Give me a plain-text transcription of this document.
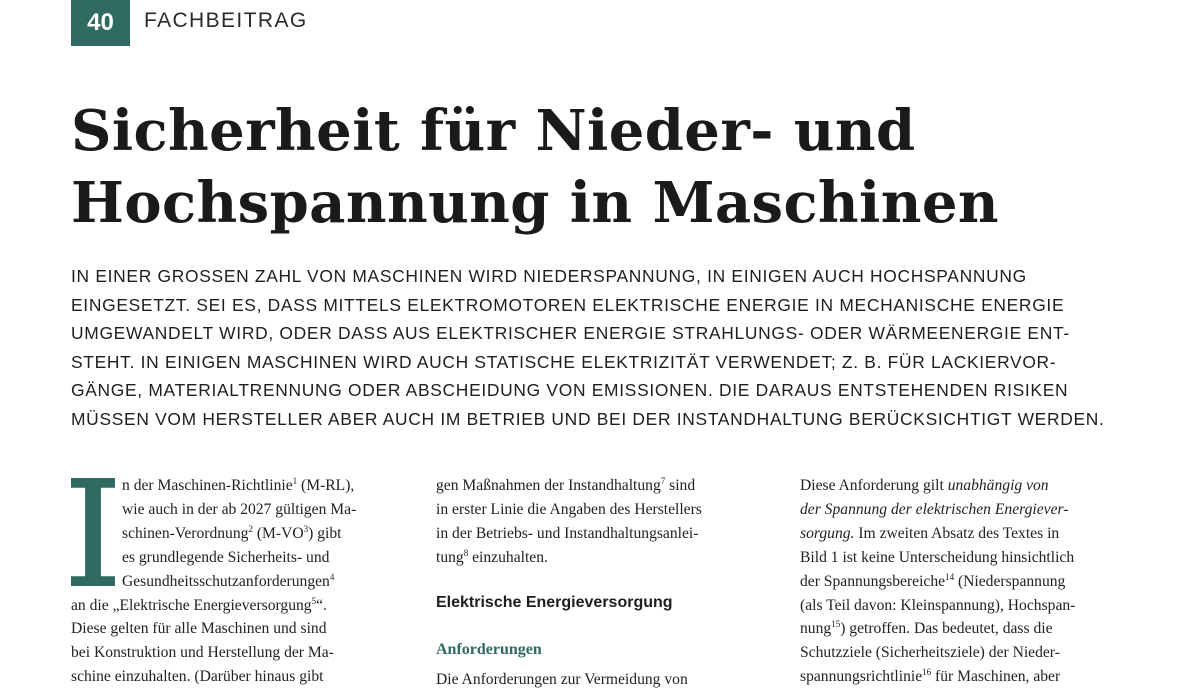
40	FACHBEITRAG
Sicherheit für Nieder- und
Hochspannung in Maschinen

IN EINER GROSSEN ZAHL VON MASCHINEN WIRD NIEDERSPANNUNG, IN EINIGEN AUCH HOCHSPANNUNG
EINGESETZT. SEI ES, DASS MITTELS ELEKTROMOTOREN ELEKTRISCHE ENERGIE IN MECHANISCHE ENERGIE
UMGEWANDELT WIRD, ODER DASS AUS ELEKTRISCHER ENERGIE STRAHLUNGS- ODER WÄRMEENERGIE ENT-
STEHT. IN EINIGEN MASCHINEN WIRD AUCH STATISCHE ELEKTRIZITÄT VERWENDET; Z. B. FÜR LACKIERVOR-
GÄNGE, MATERIALTRENNUNG ODER ABSCHEIDUNG VON EMISSIONEN. DIE DARAUS ENTSTEHENDEN RISIKEN
MÜSSEN VOM HERSTELLER ABER AUCH IM BETRIEB UND BEI DER INSTANDHALTUNG BERÜCKSICHTIGT WERDEN.

n der Maschinen-Richtlinie$^1$ (M-RL),
wie auch in der ab 2027 gültigen Ma-
schinen-Verordnung$^2$ $(M-VO^3)$ gibt
es grundlegende Sicherheits- und
Gesundheitsschutzanforderungen$^4$
an die „Elektrische Energieversorgung$^5$“.
Diese gelten für alle Maschinen und sind
bei Konstruktion und Herstellung der Ma-
schine einzuhalten. (Darüber hinaus gibt
gen Maßnahmen der Instandhaltung$^7$ sind
in erster Linie die Angaben des Herstellers
in der Betriebs- und Instandhaltungsanlei-
tung$^8$ einzuhalten.
Elektrische Energieversorgung
Anforderungen
Die Anforderungen zur Vermeidung von
Diese Anforderung gilt unabhängig von
der Spannung der elektrischen Energiever-
sorgung. Im zweiten Absatz des Textes in
Bild 1 ist keine Unterscheidung hinsichtlich
der Spannungsbereiche$^{14}$ (Niederspannung
(als Teil davon: Kleinspannung), Hochspan-
nung$^{15}$) getroffen. Das bedeutet, dass die
Schutzziele (Sicherheitsziele) der Nieder-
spannungsrichtlinie$^{16}$ für Maschinen, aber
